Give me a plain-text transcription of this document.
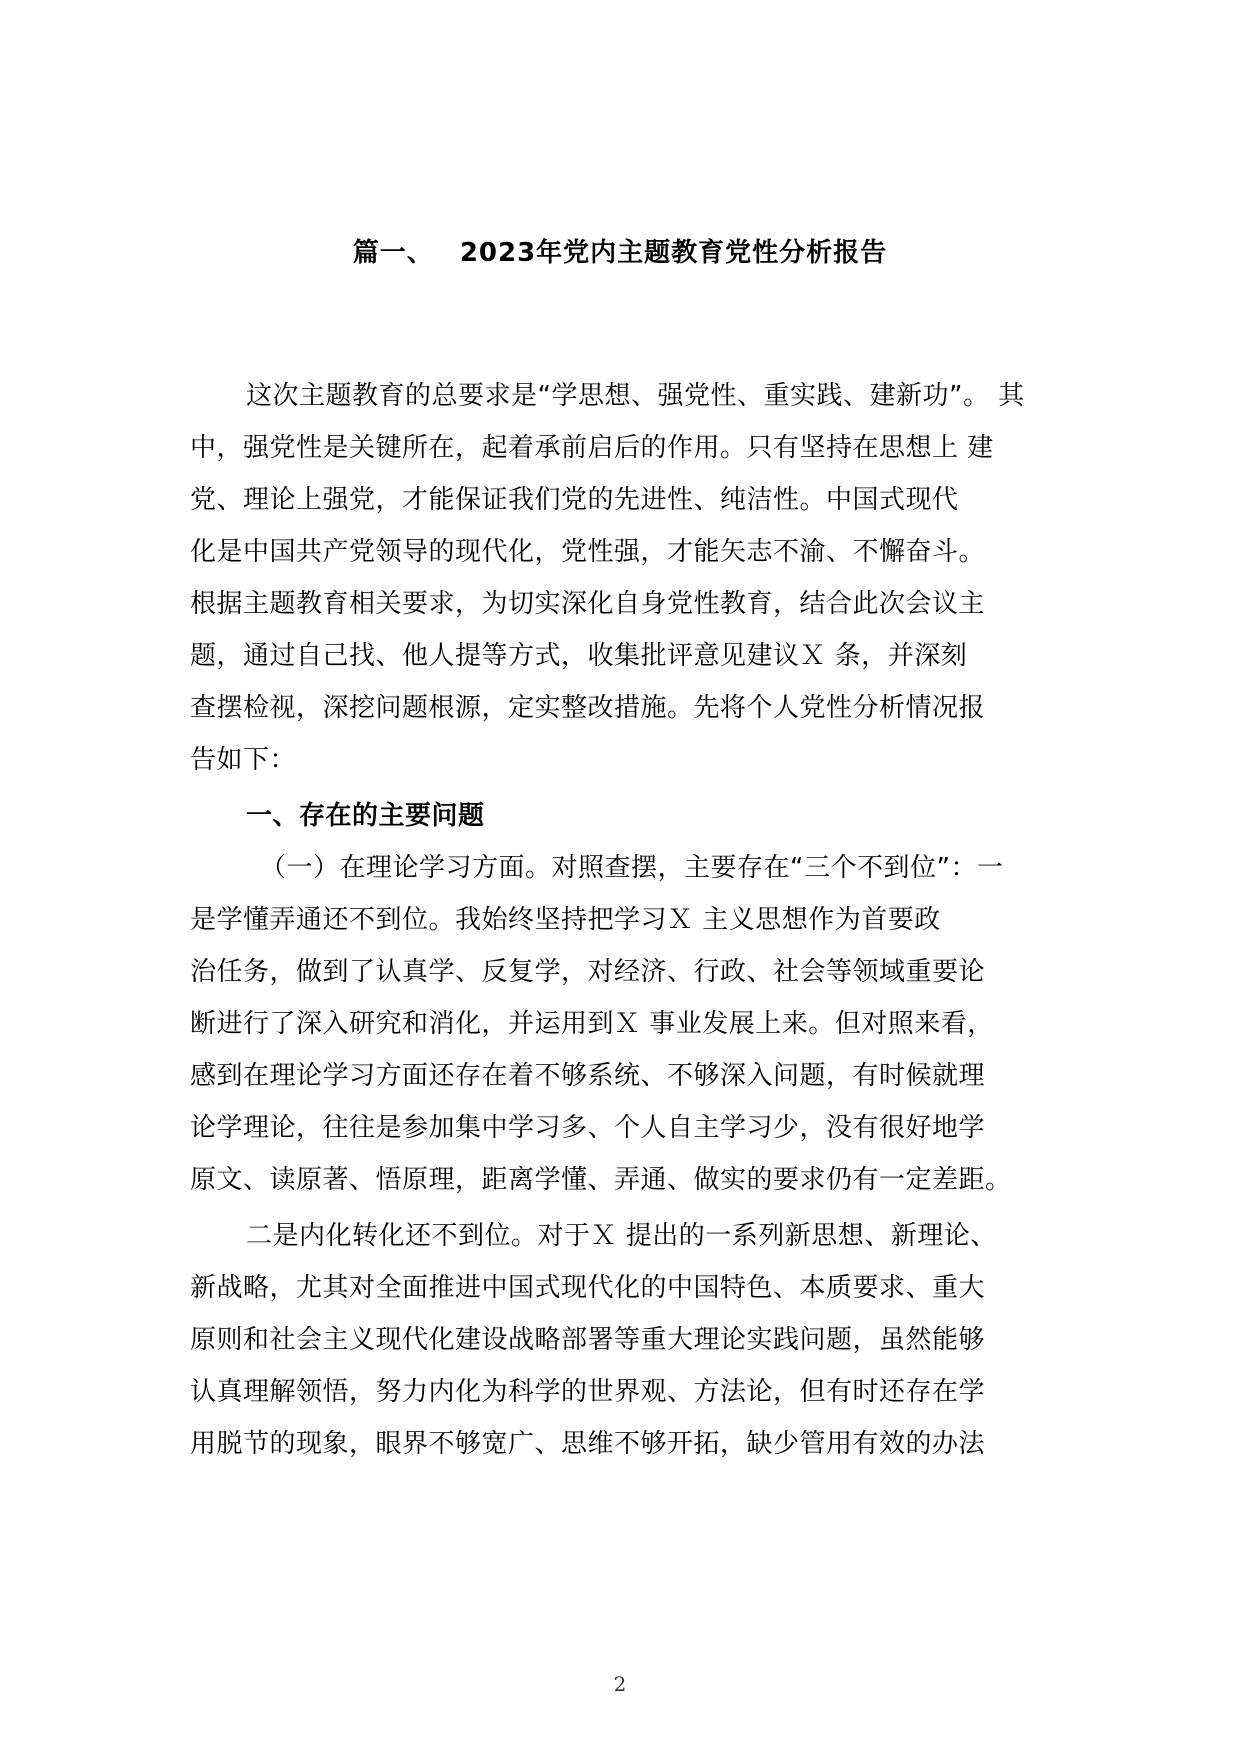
篇一、 2023年党内主题教育党性分析报告
这次主题教育的总要求是“学思想、强党性、重实践、建新功”。 其
中，强党性是关键所在，起着承前启后的作用。只有坚持在思想上 建
党、理论上强党，才能保证我们党的先进性、纯洁性。中国式现代
化是中国共产党领导的现代化，党性强，才能矢志不渝、不懈奋斗。
根据主题教育相关要求，为切实深化自身党性教育，结合此次会议主
题，通过自己找、他人提等方式，收集批评意见建议Ｘ 条，并深刻
查摆检视，深挖问题根源，定实整改措施。先将个人党性分析情况报
告如下：
一、存在的主要问题
（一）在理论学习方面。对照查摆，主要存在“三个不到位”：一
是学懂弄通还不到位。我始终坚持把学习Ｘ 主义思想作为首要政
治任务，做到了认真学、反复学，对经济、行政、社会等领域重要论
断进行了深入研究和消化，并运用到Ｘ 事业发展上来。但对照来看，
感到在理论学习方面还存在着不够系统、不够深入问题，有时候就理
论学理论，往往是参加集中学习多、个人自主学习少，没有很好地学
原文、读原著、悟原理，距离学懂、弄通、做实的要求仍有一定差距。
二是内化转化还不到位。对于Ｘ 提出的一系列新思想、新理论、
新战略，尤其对全面推进中国式现代化的中国特色、本质要求、重大
原则和社会主义现代化建设战略部署等重大理论实践问题，虽然能够
认真理解领悟，努力内化为科学的世界观、方法论，但有时还存在学
用脱节的现象，眼界不够宽广、思维不够开拓，缺少管用有效的办法
2
